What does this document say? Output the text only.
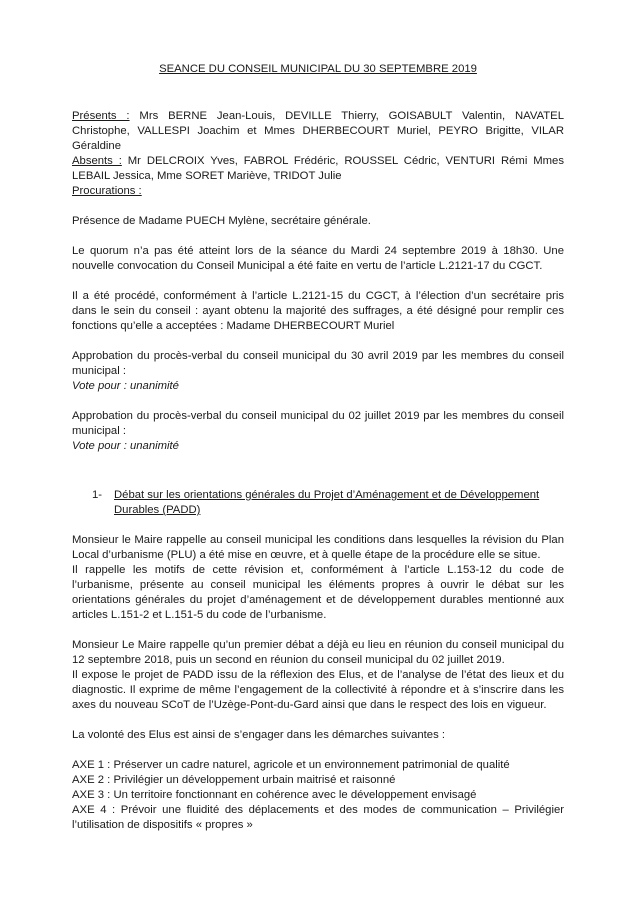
SEANCE DU CONSEIL MUNICIPAL DU 30 SEPTEMBRE 2019

Présents : Mrs BERNE Jean-Louis, DEVILLE Thierry, GOISABULT Valentin, NAVATEL Christophe, VALLESPI Joachim et Mmes DHERBECOURT Muriel, PEYRO Brigitte, VILAR Géraldine

Absents : Mr DELCROIX Yves, FABROL Frédéric, ROUSSEL Cédric, VENTURI Rémi Mmes LEBAIL Jessica, Mme SORET Mariève, TRIDOT Julie

Procurations :

Présence de Madame PUECH Mylène, secrétaire générale.

Le quorum n’a pas été atteint lors de la séance du Mardi 24 septembre 2019 à 18h30. Une nouvelle convocation du Conseil Municipal a été faite en vertu de l’article L.2121-17 du CGCT.

Il a été procédé, conformément à l’article L.2121-15 du CGCT, à l’élection d’un secrétaire pris dans le sein du conseil : ayant obtenu la majorité des suffrages, a été désigné pour remplir ces fonctions qu’elle a acceptées : Madame DHERBECOURT Muriel

Approbation du procès-verbal du conseil municipal du 30 avril 2019 par les membres du conseil municipal :

Vote pour : unanimité

Approbation du procès-verbal du conseil municipal du 02 juillet 2019 par les membres du conseil municipal :

Vote pour : unanimité

1-	Débat sur les orientations générales du Projet d’Aménagement et de Développement Durables (PADD)

Monsieur le Maire rappelle au conseil municipal les conditions dans lesquelles la révision du Plan Local d’urbanisme (PLU) a été mise en œuvre, et à quelle étape de la procédure elle se situe.

Il rappelle les motifs de cette révision et, conformément à l’article L.153-12 du code de l’urbanisme, présente au conseil municipal les éléments propres à ouvrir le débat sur les orientations générales du projet d’aménagement et de développement durables mentionné aux articles L.151-2 et L.151-5 du code de l’urbanisme.

Monsieur Le Maire rappelle qu’un premier débat a déjà eu lieu en réunion du conseil municipal du 12 septembre 2018, puis un second en réunion du conseil municipal du 02 juillet 2019.

Il expose le projet de PADD issu de la réflexion des Elus, et de l’analyse de l’état des lieux et du diagnostic. Il exprime de même l’engagement de la collectivité à répondre et à s’inscrire dans les axes du nouveau SCoT de l’Uzège-Pont-du-Gard ainsi que dans le respect des lois en vigueur.

La volonté des Elus est ainsi de s’engager dans les démarches suivantes :

AXE 1 : Préserver un cadre naturel, agricole et un environnement patrimonial de qualité

AXE 2 : Privilégier un développement urbain maitrisé et raisonné

AXE 3 : Un territoire fonctionnant en cohérence avec le développement envisagé

AXE 4 : Prévoir une fluidité des déplacements et des modes de communication – Privilégier l’utilisation de dispositifs « propres »
